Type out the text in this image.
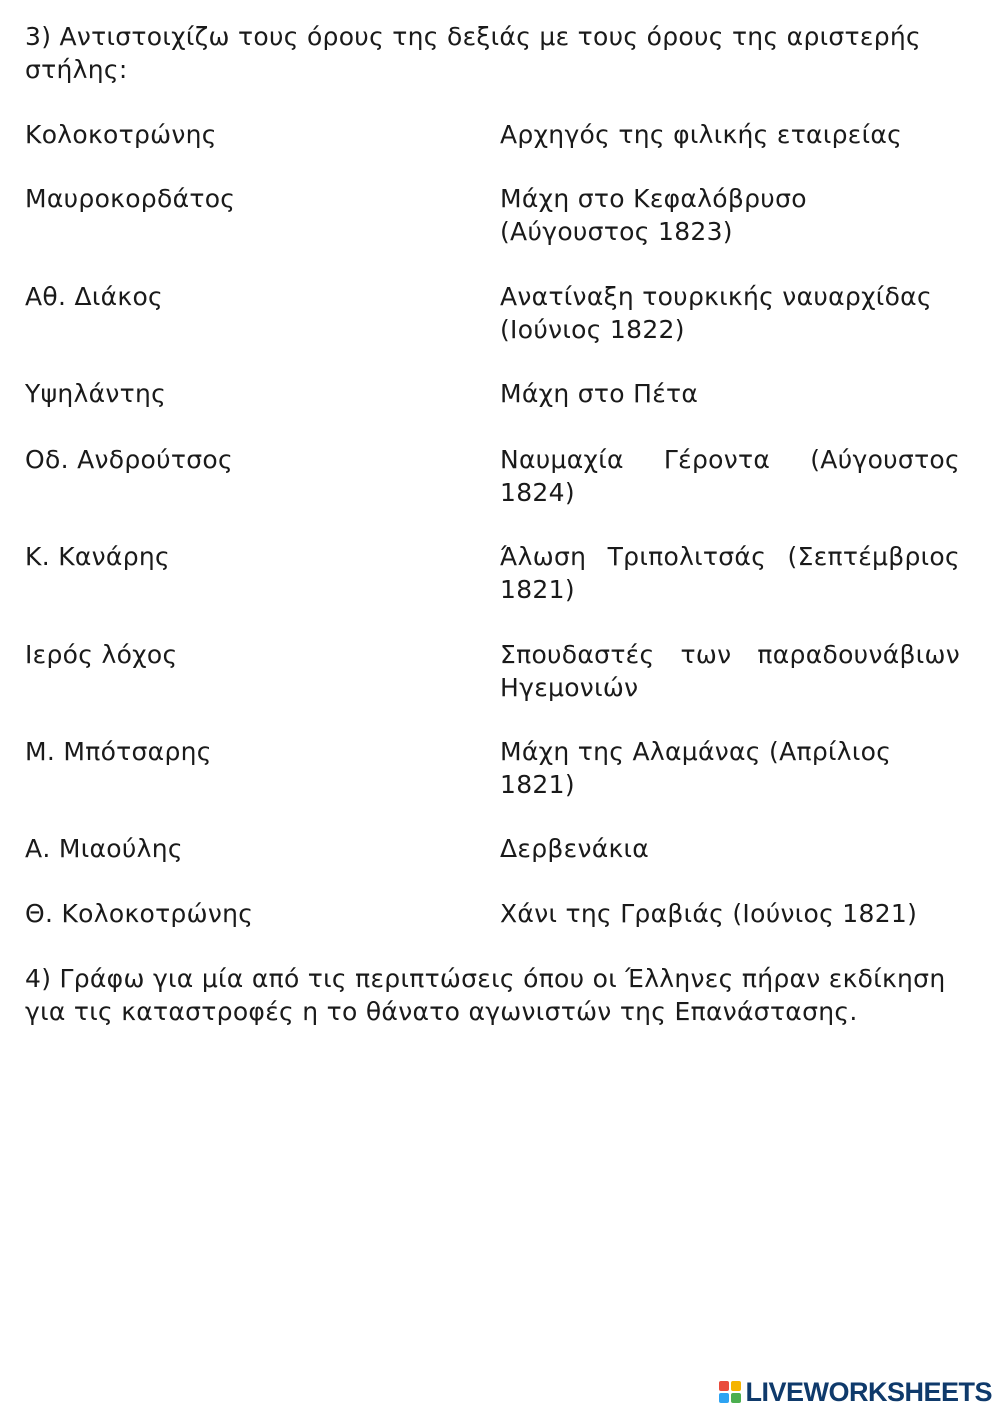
3) Αντιστοιχίζω τους όρους της δεξιάς με τους όρους της αριστερής
στήλης:
Κολοκοτρώνης	Αρχηγός της φιλικής εταιρείας
Μαυροκορδάτος	Μάχη στο Κεφαλόβρυσο
(Αύγουστος 1823)
Αθ. Διάκος	Ανατίναξη τουρκικής ναυαρχίδας
(Ιούνιος 1822)
Υψηλάντης	Μάχη στο Πέτα
Οδ. Ανδρούτσος	Ναυμαχία Γέροντα (Αύγουστος
1824)
Κ. Κανάρης	Άλωση Τριπολιτσάς (Σεπτέμβριος
1821)
Ιερός λόχος	Σπουδαστές των παραδουνάβιων
Ηγεμονιών
Μ. Μπότσαρης	Μάχη της Αλαμάνας (Απρίλιος
1821)
Α. Μιαούλης	Δερβενάκια
Θ. Κολοκοτρώνης	Χάνι της Γραβιάς (Ιούνιος 1821)
4) Γράφω για μία από τις περιπτώσεις όπου οι Έλληνες πήραν εκδίκηση
για τις καταστροφές η το θάνατο αγωνιστών της Επανάστασης.
LIVEWORKSHEETS
